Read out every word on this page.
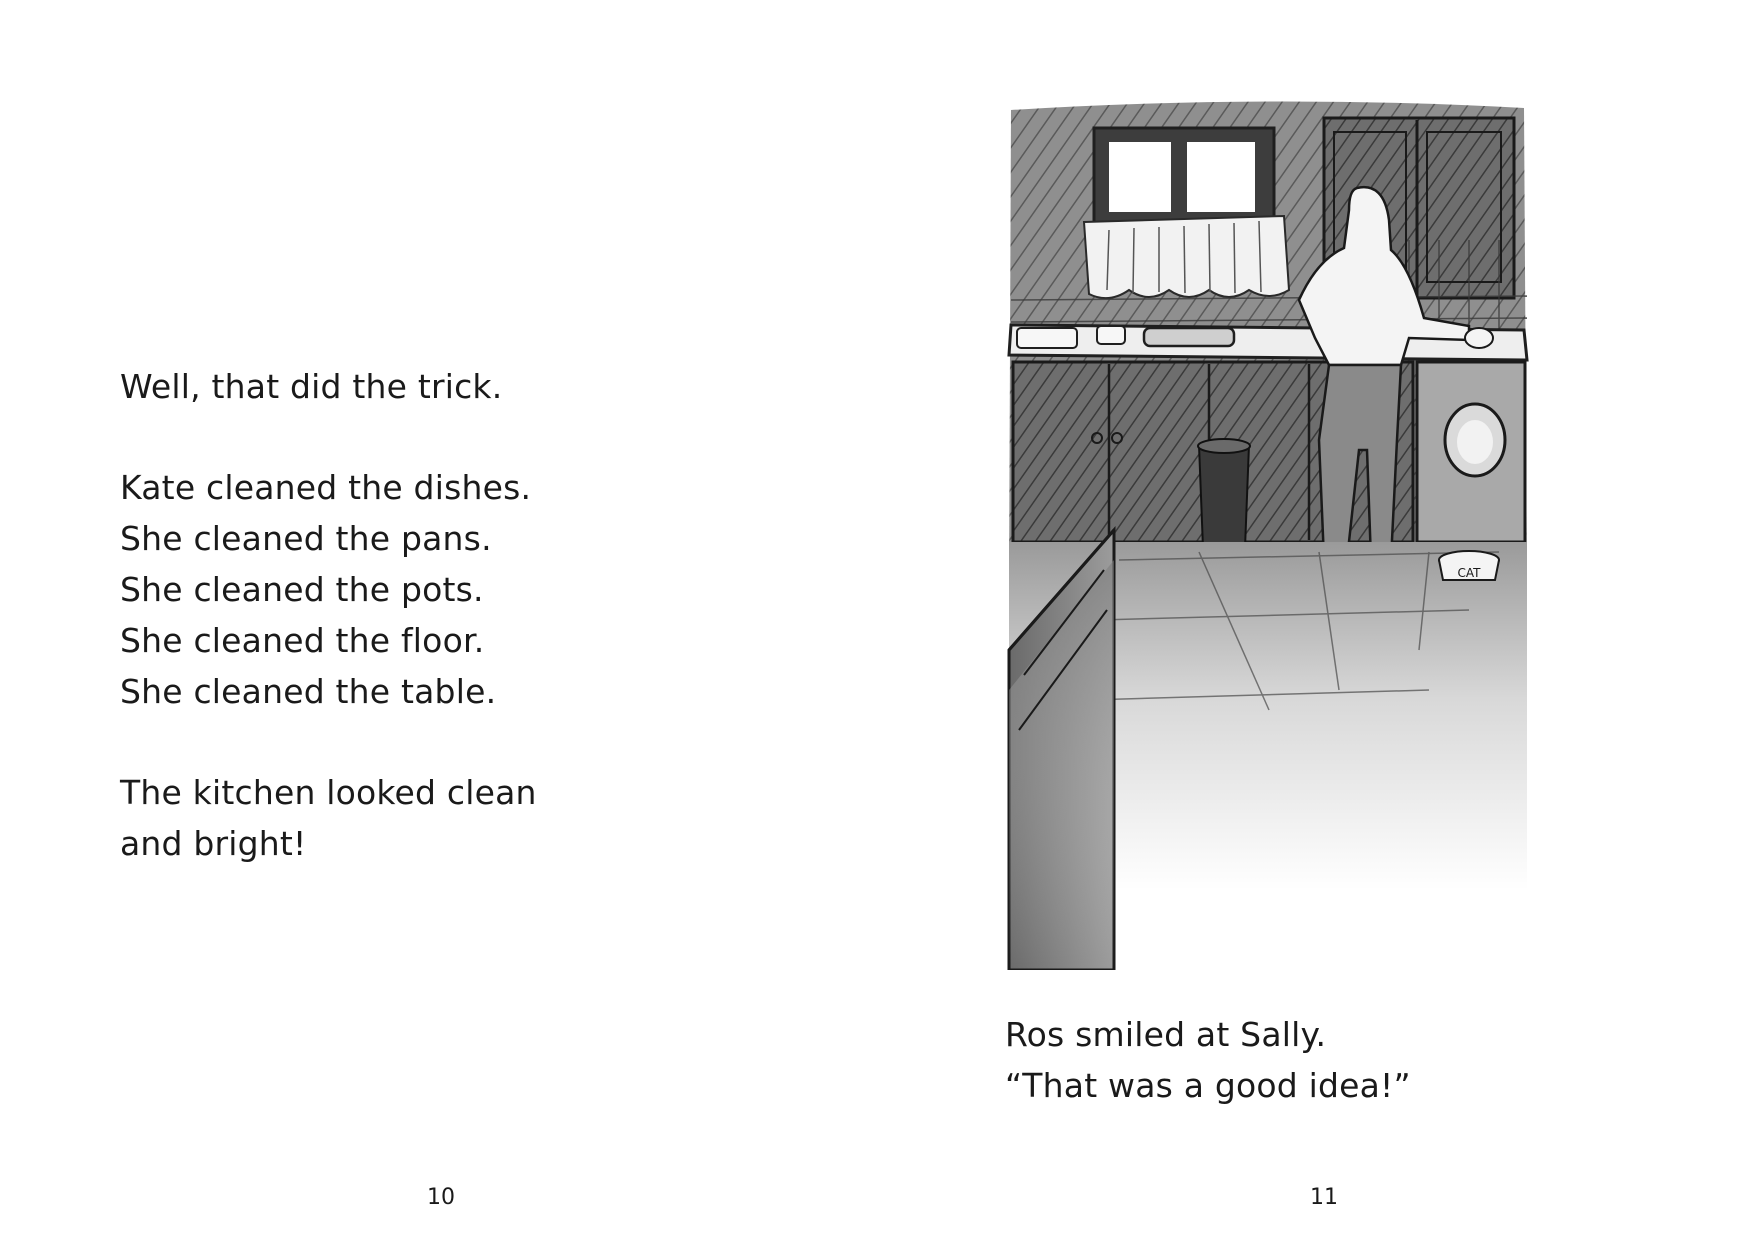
Well, that did the trick.
Kate cleaned the dishes.
She cleaned the pans.
She cleaned the pots.
She cleaned the floor.
She cleaned the table.
The kitchen looked clean
and bright!
10
CAT
Ros smiled at Sally.
“That was a good idea!”
11
